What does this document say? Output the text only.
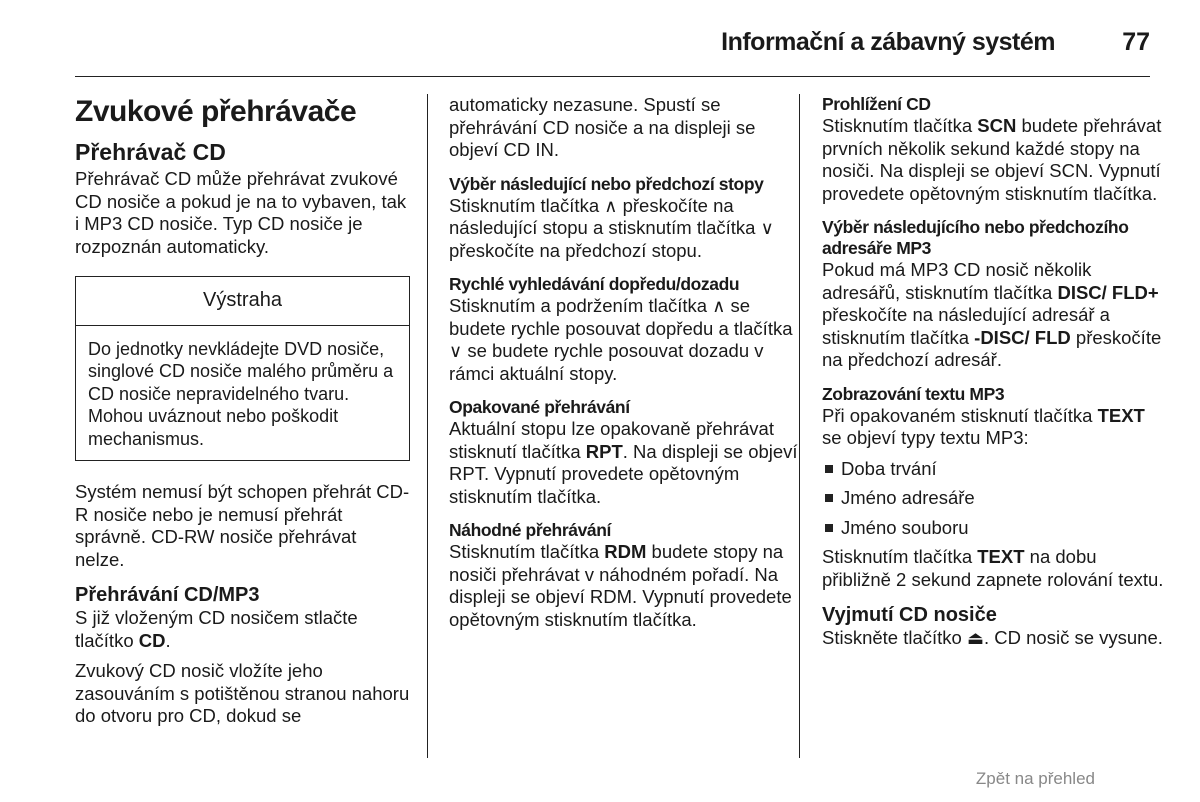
Informační a zábavný systém	77
Zvukové přehrávače
Přehrávač CD

Přehrávač CD může přehrávat zvukové CD nosiče a pokud je na to vybaven, tak i MP3 CD nosiče. Typ CD nosiče je rozpoznán automaticky.

Výstraha
Do jednotky nevkládejte DVD nosiče, singlové CD nosiče malého průměru a CD nosiče nepravidelného tvaru. Mohou uváznout nebo poškodit mechanismus.

Systém nemusí být schopen přehrát CD-R nosiče nebo je nemusí přehrát správně. CD-RW nosiče přehrávat nelze.

Přehrávání CD/MP3

S již vloženým CD nosičem stlačte tlačítko CD.

Zvukový CD nosič vložíte jeho zasouváním s potištěnou stranou nahoru do otvoru pro CD, dokud se

automaticky nezasune. Spustí se přehrávání CD nosiče a na displeji se objeví CD IN.

Výběr následující nebo předchozí stopy

Stisknutím tlačítka ∧ přeskočíte na následující stopu a stisknutím tlačítka ∨ přeskočíte na předchozí stopu.

Rychlé vyhledávání dopředu/dozadu

Stisknutím a podržením tlačítka ∧ se budete rychle posouvat dopředu a tlačítka ∨ se budete rychle posouvat dozadu v rámci aktuální stopy.

Opakované přehrávání

Aktuální stopu lze opakovaně přehrávat stisknutí tlačítka RPT. Na displeji se objeví RPT. Vypnutí provedete opětovným stisknutím tlačítka.

Náhodné přehrávání

Stisknutím tlačítka RDM budete stopy na nosiči přehrávat v náhodném pořadí. Na displeji se objeví RDM. Vypnutí provedete opětovným stisknutím tlačítka.

Prohlížení CD

Stisknutím tlačítka SCN budete přehrávat prvních několik sekund každé stopy na nosiči. Na displeji se objeví SCN. Vypnutí provedete opětovným stisknutím tlačítka.

Výběr následujícího nebo předchozího adresáře MP3

Pokud má MP3 CD nosič několik adresářů, stisknutím tlačítka DISC/ FLD+ přeskočíte na následující adresář a stisknutím tlačítka -DISC/ FLD přeskočíte na předchozí adresář.

Zobrazování textu MP3

Při opakovaném stisknutí tlačítka TEXT se objeví typy textu MP3:

Doba trvání
Jméno adresáře
Jméno souboru

Stisknutím tlačítka TEXT na dobu přibližně 2 sekund zapnete rolování textu.

Vyjmutí CD nosiče

Stiskněte tlačítko ⏏. CD nosič se vysune.

Zpět na přehled
